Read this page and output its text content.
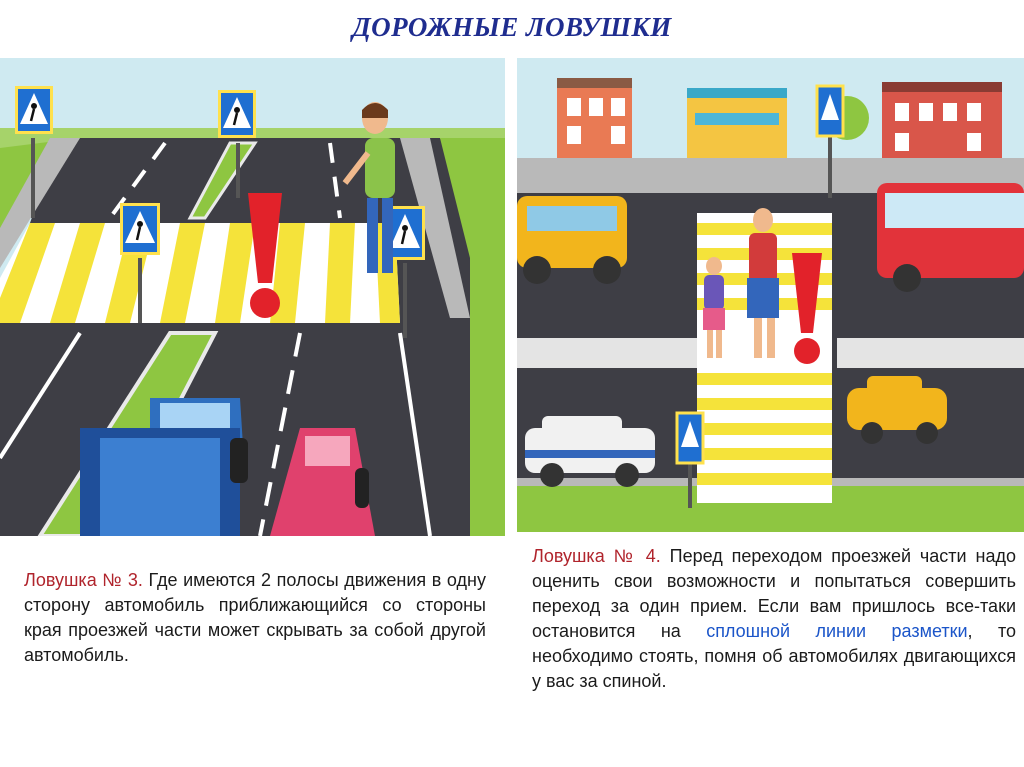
ДОРОЖНЫЕ ЛОВУШКИ
Ловушка № 3. Где имеются 2 полосы движения в одну сторону автомобиль приближающийся со стороны края проезжей части может скрывать за собой другой автомобиль.
Ловушка № 4. Перед переходом проезжей части надо оценить свои возможности и попытаться совершить переход за один прием. Если вам пришлось все-таки остановится на сплошной линии разметки, то необходимо стоять, помня об автомобилях двигающихся у вас за спиной.
